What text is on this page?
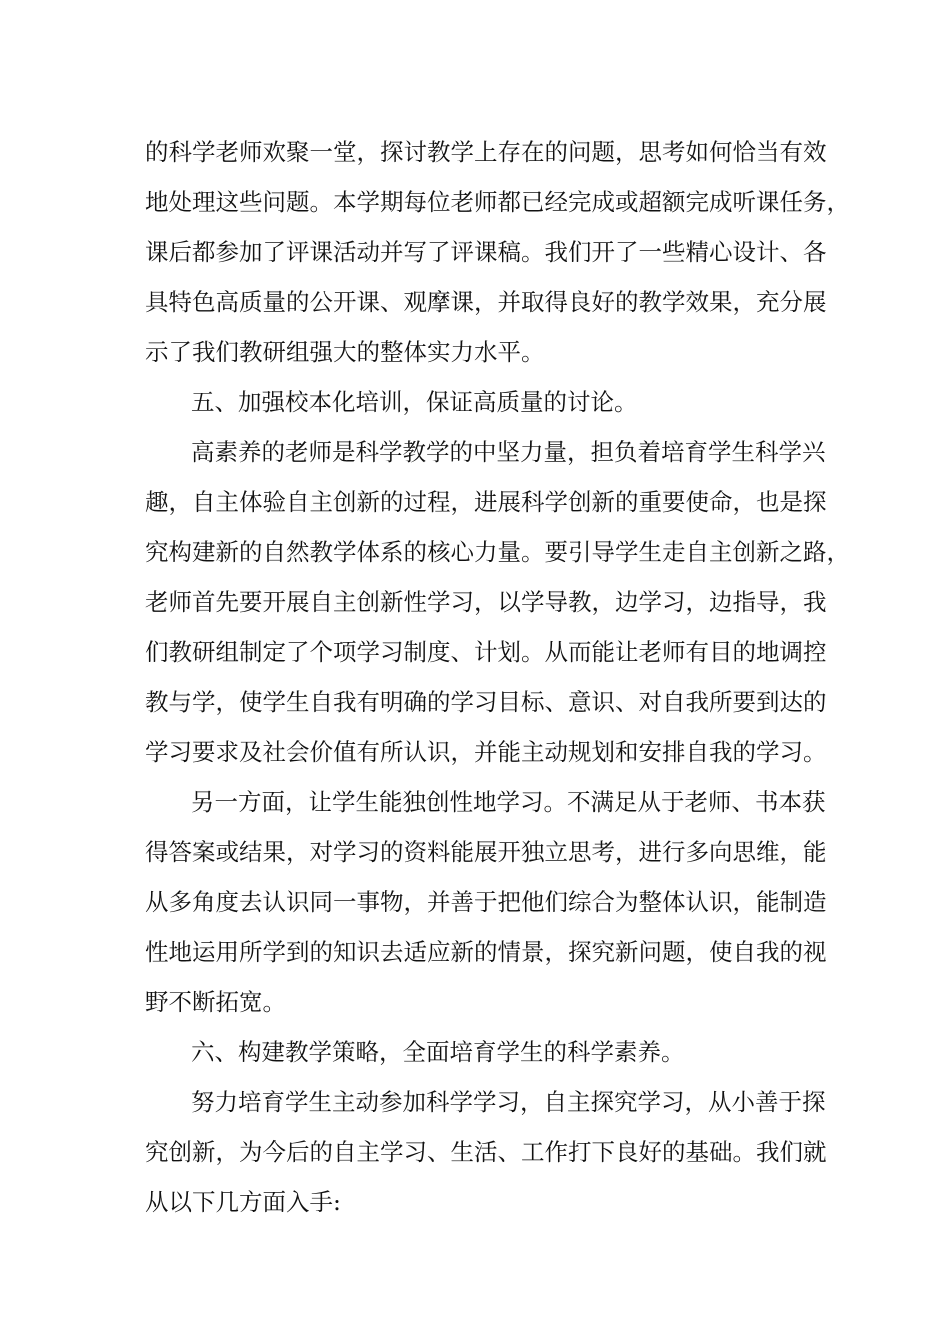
的科学老师欢聚一堂，探讨教学上存在的问题，思考如何恰当有效
地处理这些问题。本学期每位老师都已经完成或超额完成听课任务，
课后都参加了评课活动并写了评课稿。我们开了一些精心设计、各
具特色高质量的公开课、观摩课，并取得良好的教学效果，充分展
示了我们教研组强大的整体实力水平。
五、加强校本化培训，保证高质量的讨论。
高素养的老师是科学教学的中坚力量，担负着培育学生科学兴
趣，自主体验自主创新的过程，进展科学创新的重要使命，也是探
究构建新的自然教学体系的核心力量。要引导学生走自主创新之路，
老师首先要开展自主创新性学习，以学导教，边学习，边指导，我
们教研组制定了个项学习制度、计划。从而能让老师有目的地调控
教与学，使学生自我有明确的学习目标、意识、对自我所要到达的
学习要求及社会价值有所认识，并能主动规划和安排自我的学习。
另一方面，让学生能独创性地学习。不满足从于老师、书本获
得答案或结果，对学习的资料能展开独立思考，进行多向思维，能
从多角度去认识同一事物，并善于把他们综合为整体认识，能制造
性地运用所学到的知识去适应新的情景，探究新问题，使自我的视
野不断拓宽。
六、构建教学策略，全面培育学生的科学素养。
努力培育学生主动参加科学学习，自主探究学习，从小善于探
究创新，为今后的自主学习、生活、工作打下良好的基础。我们就
从以下几方面入手:
